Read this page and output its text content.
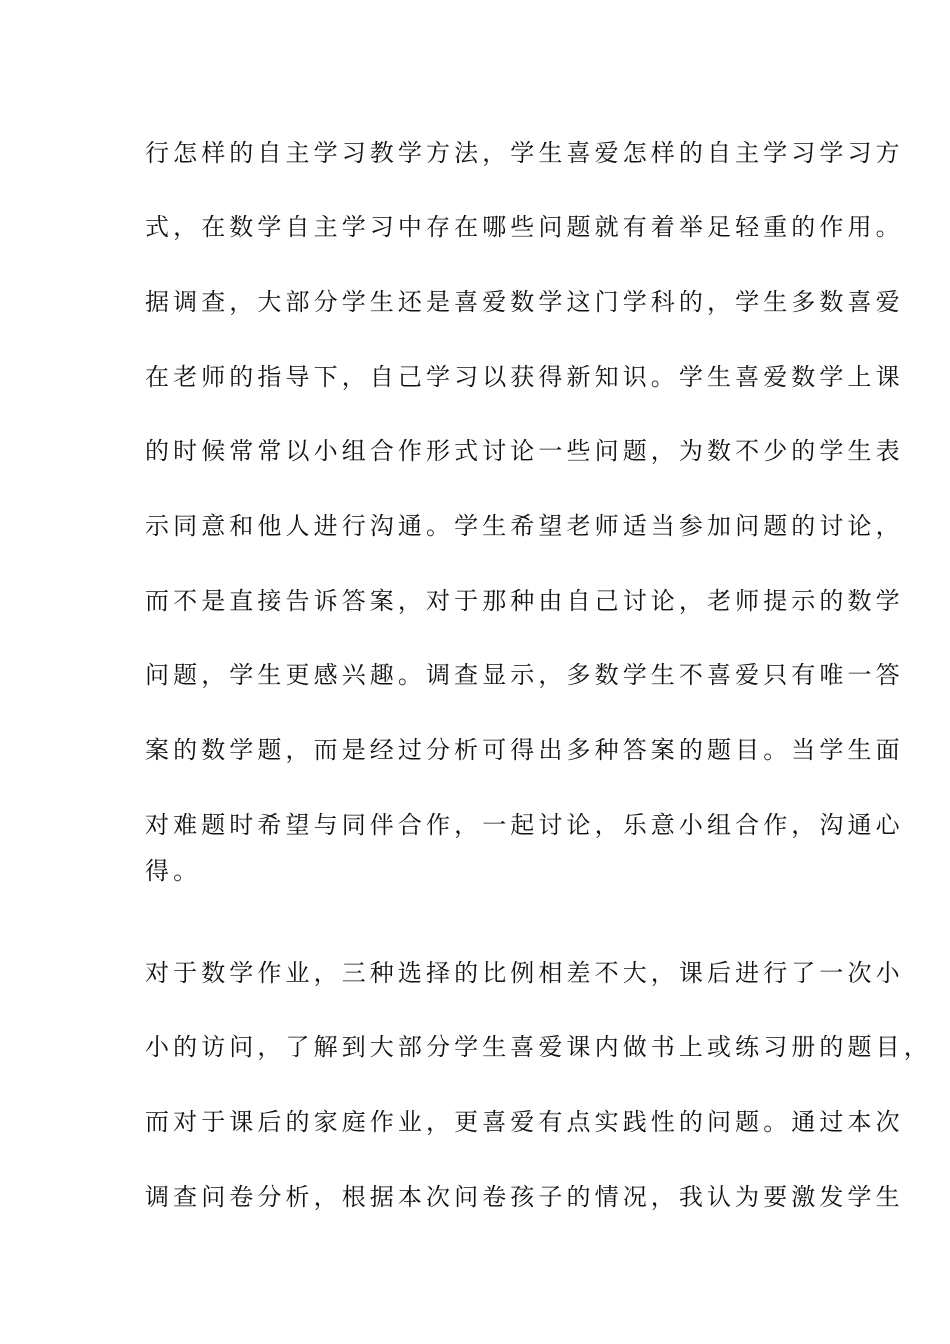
行怎样的自主学习教学方法，学生喜爱怎样的自主学习学习方
式，在数学自主学习中存在哪些问题就有着举足轻重的作用。
据调查，大部分学生还是喜爱数学这门学科的，学生多数喜爱
在老师的指导下，自己学习以获得新知识。学生喜爱数学上课
的时候常常以小组合作形式讨论一些问题，为数不少的学生表
示同意和他人进行沟通。学生希望老师适当参加问题的讨论，
而不是直接告诉答案，对于那种由自己讨论，老师提示的数学
问题，学生更感兴趣。调查显示，多数学生不喜爱只有唯一答
案的数学题，而是经过分析可得出多种答案的题目。当学生面
对难题时希望与同伴合作，一起讨论，乐意小组合作，沟通心
得。
对于数学作业，三种选择的比例相差不大，课后进行了一次小
小的访问，了解到大部分学生喜爱课内做书上或练习册的题目，
而对于课后的家庭作业，更喜爱有点实践性的问题。通过本次
调查问卷分析，根据本次问卷孩子的情况，我认为要激发学生
